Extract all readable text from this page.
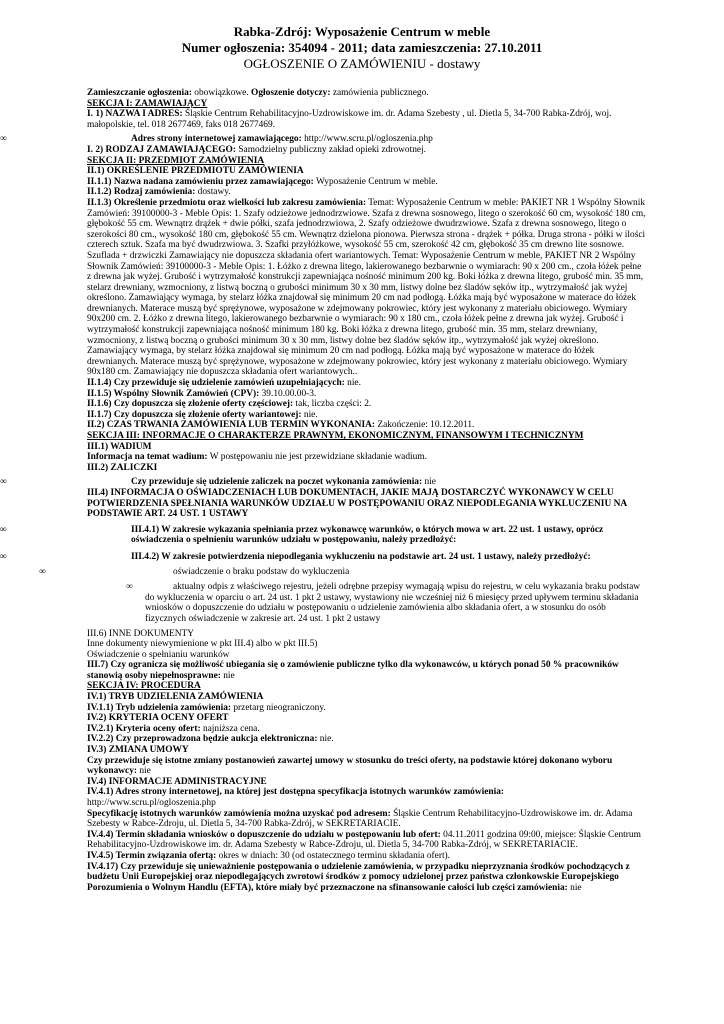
Rabka-Zdrój: Wyposażenie Centrum w meble
Numer ogłoszenia: 354094 - 2011; data zamieszczenia: 27.10.2011
OGŁOSZENIE O ZAMÓWIENIU - dostawy

Zamieszczanie ogłoszenia: obowiązkowe. Ogłoszenie dotyczy: zamówienia publicznego.

SEKCJA I: ZAMAWIAJĄCY

I. 1) NAZWA I ADRES: Śląskie Centrum Rehabilitacyjno-Uzdrowiskowe im. dr. Adama Szebesty , ul. Dietla 5, 34-700 Rabka-Zdrój, woj. małopolskie, tel. 018 2677469, faks 018 2677469.

∞	Adres strony internetowej zamawiającego: http://www.scru.pl/ogloszenia.php

I. 2) RODZAJ ZAMAWIAJĄCEGO: Samodzielny publiczny zakład opieki zdrowotnej.

SEKCJA II: PRZEDMIOT ZAMÓWIENIA

II.1) OKREŚLENIE PRZEDMIOTU ZAMÓWIENIA

II.1.1) Nazwa nadana zamówieniu przez zamawiającego: Wyposażenie Centrum w meble.

II.1.2) Rodzaj zamówienia: dostawy.

II.1.3) Określenie przedmiotu oraz wielkości lub zakresu zamówienia: Temat: Wyposażenie Centrum w meble: PAKIET NR 1 Wspólny Słownik Zamówień: 39100000-3 - Meble Opis: 1. Szafy odzieżowe jednodrzwiowe. Szafa z drewna sosnowego, litego o szerokość 60 cm, wysokość 180 cm, głębokość 55 cm. Wewnątrz drążek + dwie półki, szafa jednodrzwiowa, 2. Szafy odzieżowe dwudrzwiowe. Szafa z drewna sosnowego, litego o szerokości 80 cm., wysokość 180 cm, głębokość 55 cm. Wewnątrz dzielona pionowa. Pierwsza strona - drążek + półka. Druga strona - półki w ilości czterech sztuk. Szafa ma być dwudrzwiowa. 3. Szafki przyłóżkowe, wysokość 55 cm, szerokość 42 cm, głębokość 35 cm drewno lite sosnowe. Szuflada + drzwiczki Zamawiający nie dopuszcza składania ofert wariantowych. Temat: Wyposażenie Centrum w meble, PAKIET NR 2 Wspólny Słownik Zamówień: 39100000-3 - Meble Opis: 1. Łóżko z drewna litego, lakierowanego bezbarwnie o wymiarach: 90 x 200 cm., czoła łóżek pełne z drewna jak wyżej. Grubość i wytrzymałość konstrukcji zapewniająca nośność minimum 200 kg. Boki łóżka z drewna litego, grubość min. 35 mm, stelarz drewniany, wzmocniony, z listwą boczną o grubości minimum 30 x 30 mm, listwy dolne bez śladów sęków itp., wytrzymałość jak wyżej określono. Zamawiający wymaga, by stelarz łóżka znajdował się minimum 20 cm nad podłogą. Łóżka mają być wyposażone w materace do łóżek drewnianych. Materace muszą być sprężynowe, wyposażone w zdejmowany pokrowiec, który jest wykonany z materiału obiciowego. Wymiary 90x200 cm. 2. Łóżko z drewna litego, lakierowanego bezbarwnie o wymiarach: 90 x 180 cm., czoła łóżek pełne z drewna jak wyżej. Grubość i wytrzymałość konstrukcji zapewniająca nośność minimum 180 kg. Boki łóżka z drewna litego, grubość min. 35 mm, stelarz drewniany, wzmocniony, z listwą boczną o grubości minimum 30 x 30 mm, listwy dolne bez śladów sęków itp., wytrzymałość jak wyżej określono. Zamawiający wymaga, by stelarz łóżka znajdował się minimum 20 cm nad podłogą. Łóżka mają być wyposażone w materace do łóżek drewnianych. Materace muszą być sprężynowe, wyposażone w zdejmowany pokrowiec, który jest wykonany z materiału obiciowego. Wymiary 90x180 cm. Zamawiający nie dopuszcza składania ofert wariantowych..

II.1.4) Czy przewiduje się udzielenie zamówień uzupełniających: nie.

II.1.5) Wspólny Słownik Zamówień (CPV): 39.10.00.00-3.

II.1.6) Czy dopuszcza się złożenie oferty częściowej: tak, liczba części: 2.

II.1.7) Czy dopuszcza się złożenie oferty wariantowej: nie.

II.2) CZAS TRWANIA ZAMÓWIENIA LUB TERMIN WYKONANIA: Zakończenie: 10.12.2011.

SEKCJA III: INFORMACJE O CHARAKTERZE PRAWNYM, EKONOMICZNYM, FINANSOWYM I TECHNICZNYM

III.1) WADIUM

Informacja na temat wadium: W postępowaniu nie jest przewidziane składanie wadium.

III.2) ZALICZKI

∞	Czy przewiduje się udzielenie zaliczek na poczet wykonania zamówienia: nie

III.4) INFORMACJA O OŚWIADCZENIACH LUB DOKUMENTACH, JAKIE MAJĄ DOSTARCZYĆ WYKONAWCY W CELU POTWIERDZENIA SPEŁNIANIA WARUNKÓW UDZIAŁU W POSTĘPOWANIU ORAZ NIEPODLEGANIA WYKLUCZENIU NA PODSTAWIE ART. 24 UST. 1 USTAWY

∞	III.4.1) W zakresie wykazania spełniania przez wykonawcę warunków, o których mowa w art. 22 ust. 1 ustawy, oprócz oświadczenia o spełnieniu warunków udziału w postępowaniu, należy przedłożyć:

∞	III.4.2) W zakresie potwierdzenia niepodlegania wykluczeniu na podstawie art. 24 ust. 1 ustawy, należy przedłożyć:

∞	oświadczenie o braku podstaw do wykluczenia

∞	aktualny odpis z właściwego rejestru, jeżeli odrębne przepisy wymagają wpisu do rejestru, w celu wykazania braku podstaw do wykluczenia w oparciu o art. 24 ust. 1 pkt 2 ustawy, wystawiony nie wcześniej niż 6 miesięcy przed upływem terminu składania wniosków o dopuszczenie do udziału w postępowaniu o udzielenie zamówienia albo składania ofert, a w stosunku do osób fizycznych oświadczenie w zakresie art. 24 ust. 1 pkt 2 ustawy

III.6) INNE DOKUMENTY

Inne dokumenty niewymienione w pkt III.4) albo w pkt III.5)

Oświadczenie o spełnianiu warunków

III.7) Czy ogranicza się możliwość ubiegania się o zamówienie publiczne tylko dla wykonawców, u których ponad 50 % pracowników stanowią osoby niepełnosprawne: nie

SEKCJA IV: PROCEDURA

IV.1) TRYB UDZIELENIA ZAMÓWIENIA

IV.1.1) Tryb udzielenia zamówienia: przetarg nieograniczony.

IV.2) KRYTERIA OCENY OFERT

IV.2.1) Kryteria oceny ofert: najniższa cena.

IV.2.2) Czy przeprowadzona będzie aukcja elektroniczna: nie.

IV.3) ZMIANA UMOWY

Czy przewiduje się istotne zmiany postanowień zawartej umowy w stosunku do treści oferty, na podstawie której dokonano wyboru wykonawcy: nie

IV.4) INFORMACJE ADMINISTRACYJNE

IV.4.1) Adres strony internetowej, na której jest dostępna specyfikacja istotnych warunków zamówienia:

http://www.scru.pl/ogloszenia.php

Specyfikację istotnych warunków zamówienia można uzyskać pod adresem: Śląskie Centrum Rehabilitacyjno-Uzdrowiskowe im. dr. Adama Szebesty w Rabce-Zdroju, ul. Dietla 5, 34-700 Rabka-Zdrój, w SEKRETARIACIE.

IV.4.4) Termin składania wniosków o dopuszczenie do udziału w postępowaniu lub ofert: 04.11.2011 godzina 09:00, miejsce: Śląskie Centrum Rehabilitacyjno-Uzdrowiskowe im. dr. Adama Szebesty w Rabce-Zdroju, ul. Dietla 5, 34-700 Rabka-Zdrój, w SEKRETARIACIE.

IV.4.5) Termin związania ofertą: okres w dniach: 30 (od ostatecznego terminu składania ofert).

IV.4.17) Czy przewiduje się unieważnienie postępowania o udzielenie zamówienia, w przypadku nieprzyznania środków pochodzących z budżetu Unii Europejskiej oraz niepodlegających zwrotowi środków z pomocy udzielonej przez państwa członkowskie Europejskiego Porozumienia o Wolnym Handlu (EFTA), które miały być przeznaczone na sfinansowanie całości lub części zamówienia: nie
